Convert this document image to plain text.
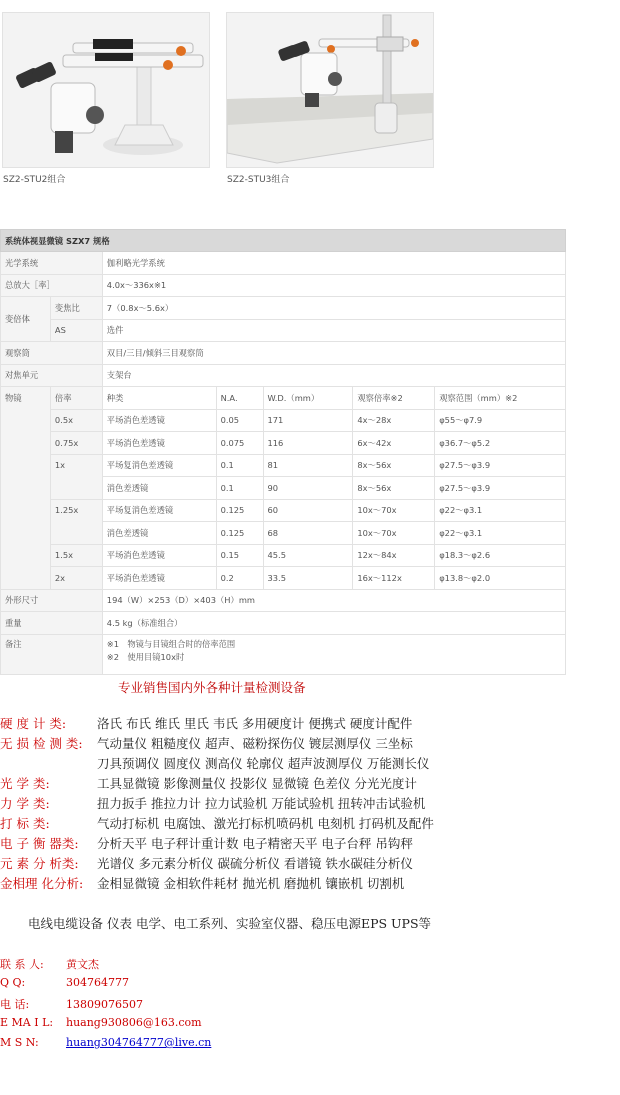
SZ2-STU2组合	SZ2-STU3组合
系统体视显微镜 SZX7 规格						
光学系统		伽利略光学系统				
总放大［率］		4.0x～336x※1				
变倍体	变焦比	7（0.8x～5.6x）				
	AS	选件				
观察筒		双目/三目/倾斜三目观察筒				
对焦单元		支架台				
物镜	倍率	种类	N.A.	W.D.（mm）	观察倍率※2	观察范围（mm）※2
	0.5x	平场消色差透镜	0.05	171	4x～28x	φ55～φ7.9
	0.75x	平场消色差透镜	0.075	116	6x～42x	φ36.7～φ5.2
	1x	平场复消色差透镜	0.1	81	8x～56x	φ27.5～φ3.9
		消色差透镜	0.1	90	8x～56x	φ27.5～φ3.9
	1.25x	平场复消色差透镜	0.125	60	10x～70x	φ22～φ3.1
		消色差透镜	0.125	68	10x～70x	φ22～φ3.1
	1.5x	平场消色差透镜	0.15	45.5	12x～84x	φ18.3～φ2.6
	2x	平场消色差透镜	0.2	33.5	16x～112x	φ13.8～φ2.0
外形尺寸		194（W）×253（D）×403（H）mm				
重量		4.5 kg（标准组合）				
备注		※1　物镜与目镜组合时的倍率范围
※2　使用目镜10x时				
专业销售国内外各种计量检测设备
硬 度 计 类: 洛氏 布氏 维氏 里氏 韦氏 多用硬度计 便携式 硬度计配件
无 损 检 测 类: 气动量仪 粗糙度仪 超声、磁粉探伤仪 镀层测厚仪 三坐标
刀具预调仪 圆度仪 测高仪 轮廓仪 超声波测厚仪 万能测长仪
光 学 类:	工具显微镜 影像测量仪 投影仪 显微镜 色差仪 分光光度计
力 学 类:	扭力扳手 推拉力计 拉力试验机 万能试验机 扭转冲击试验机
打 标 类:	气动打标机 电腐蚀、激光打标机喷码机 电刻机 打码机及配件
电 子 衡 器类: 分析天平 电子秤计重计数 电子精密天平 电子台秤 吊钩秤
元 素 分 析类: 光谱仪 多元素分析仪 碳硫分析仪 看谱镜 铁水碳硅分析仪
金相理 化分析: 金相显微镜 金相软件耗材 抛光机 磨抛机 镶嵌机 切割机
电线电缆设备 仪表 电学、电工系列、实验室仪器、稳压电源EPS UPS等
联 系 人: 黄文杰
Q Q:	304764777
电 话:	13809076507
E MA I L: huang930806@163.com
M S N: huang304764777@live.cn
